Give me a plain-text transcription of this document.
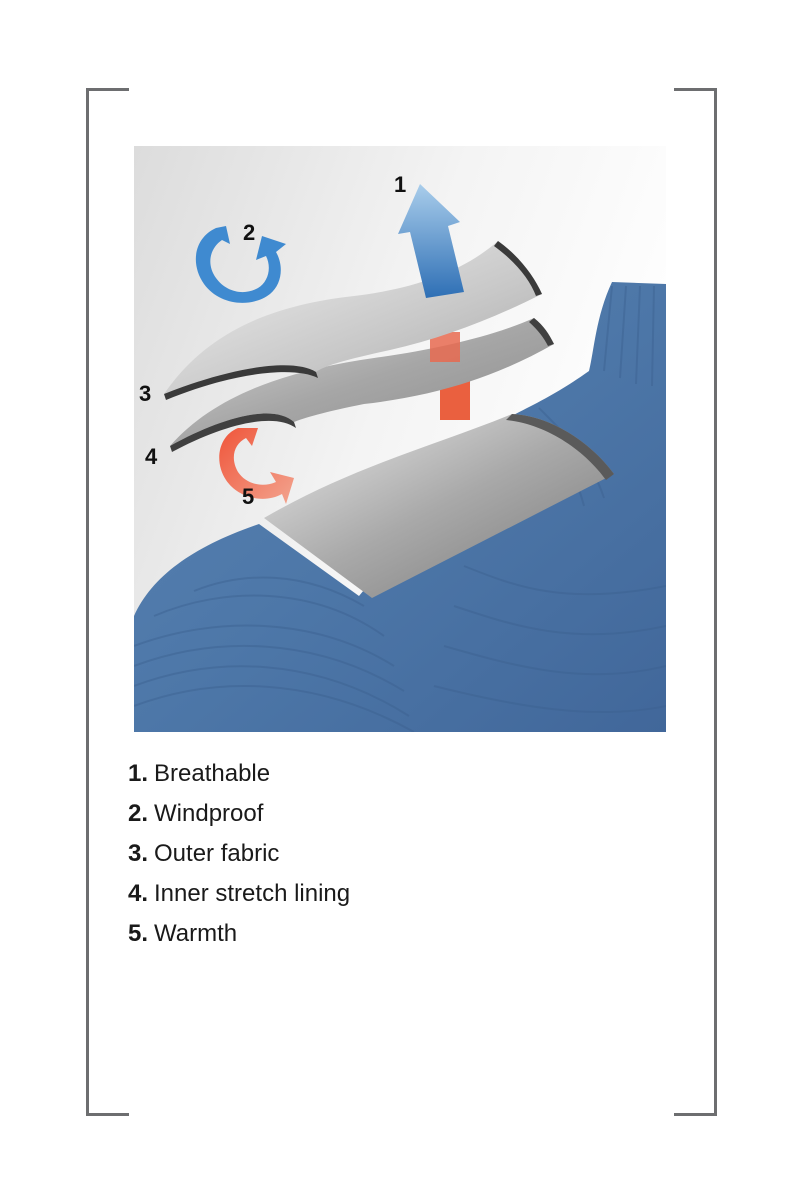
1
2
3
4
5
1. Breathable
2. Windproof
3. Outer fabric
4. Inner stretch lining
5. Warmth
